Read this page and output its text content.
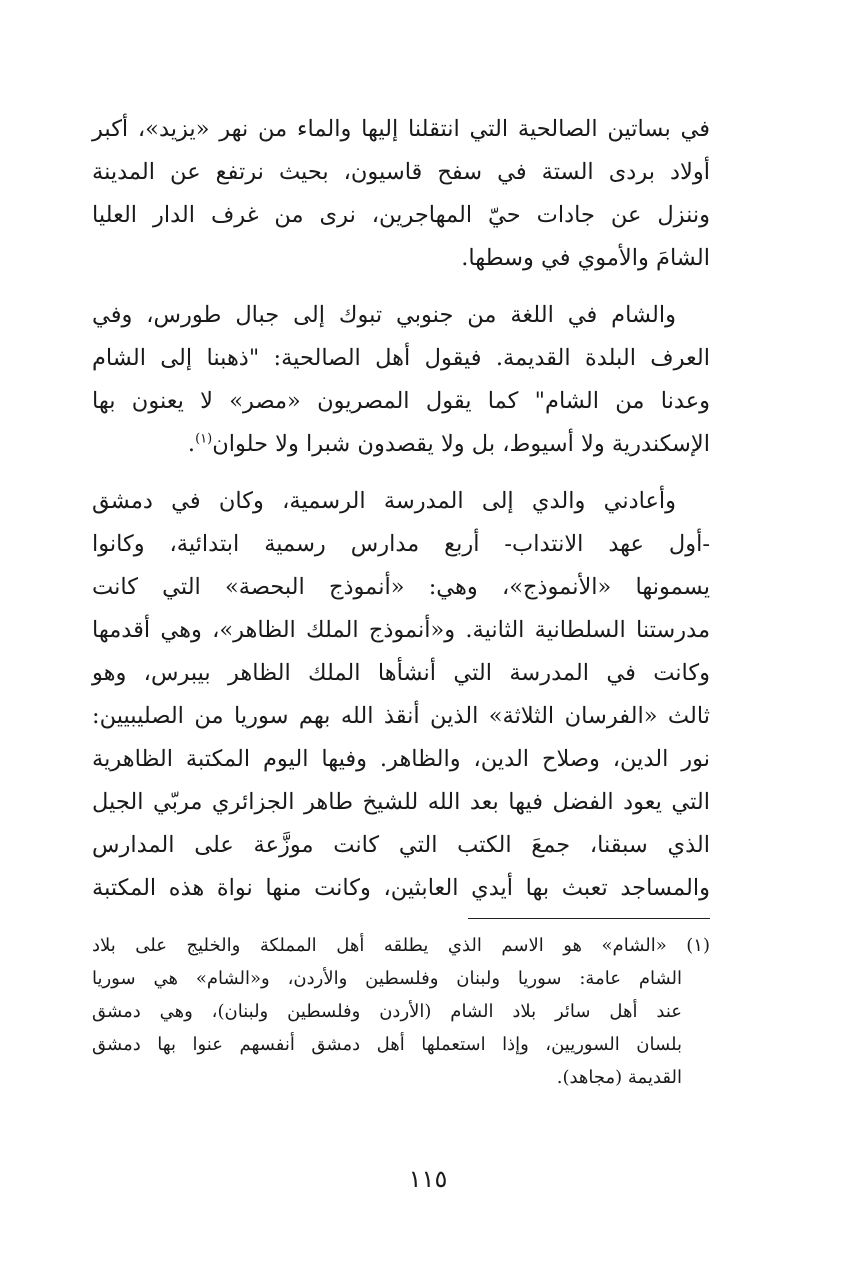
في بساتين الصالحية التي انتقلنا إليها والماء من نهر «يزيد»، أكبر
أولاد بردى الستة في سفح قاسيون، بحيث نرتفع عن المدينة
وننزل عن جادات حيّ المهاجرين، نرى من غرف الدار العليا
الشامَ والأموي في وسطها.
والشام في اللغة من جنوبي تبوك إلى جبال طورس، وفي
العرف البلدة القديمة. فيقول أهل الصالحية: "ذهبنا إلى الشام
وعدنا من الشام" كما يقول المصريون «مصر» لا يعنون بها
الإسكندرية ولا أسيوط، بل ولا يقصدون شبرا ولا حلوان$^{(١)}$.
وأعادني والدي إلى المدرسة الرسمية، وكان في دمشق
-أول عهد الانتداب- أربع مدارس رسمية ابتدائية، وكانوا
يسمونها «الأنموذج»، وهي: «أنموذج البحصة» التي كانت
مدرستنا السلطانية الثانية. و«أنموذج الملك الظاهر»، وهي أقدمها
وكانت في المدرسة التي أنشأها الملك الظاهر بيبرس، وهو
ثالث «الفرسان الثلاثة» الذين أنقذ الله بهم سوريا من الصليبيين:
نور الدين، وصلاح الدين، والظاهر. وفيها اليوم المكتبة الظاهرية
التي يعود الفضل فيها بعد الله للشيخ طاهر الجزائري مربّي الجيل
الذي سبقنا، جمعَ الكتب التي كانت موزَّعة على المدارس
والمساجد تعبث بها أيدي العابثين، وكانت منها نواة هذه المكتبة
(١) «الشام» هو الاسم الذي يطلقه أهل المملكة والخليج على بلاد
الشام عامة: سوريا ولبنان وفلسطين والأردن، و«الشام» هي سوريا
عند أهل سائر بلاد الشام (الأردن وفلسطين ولبنان)، وهي دمشق
بلسان السوريين، وإذا استعملها أهل دمشق أنفسهم عنوا بها دمشق
القديمة (مجاهد).
١١٥
